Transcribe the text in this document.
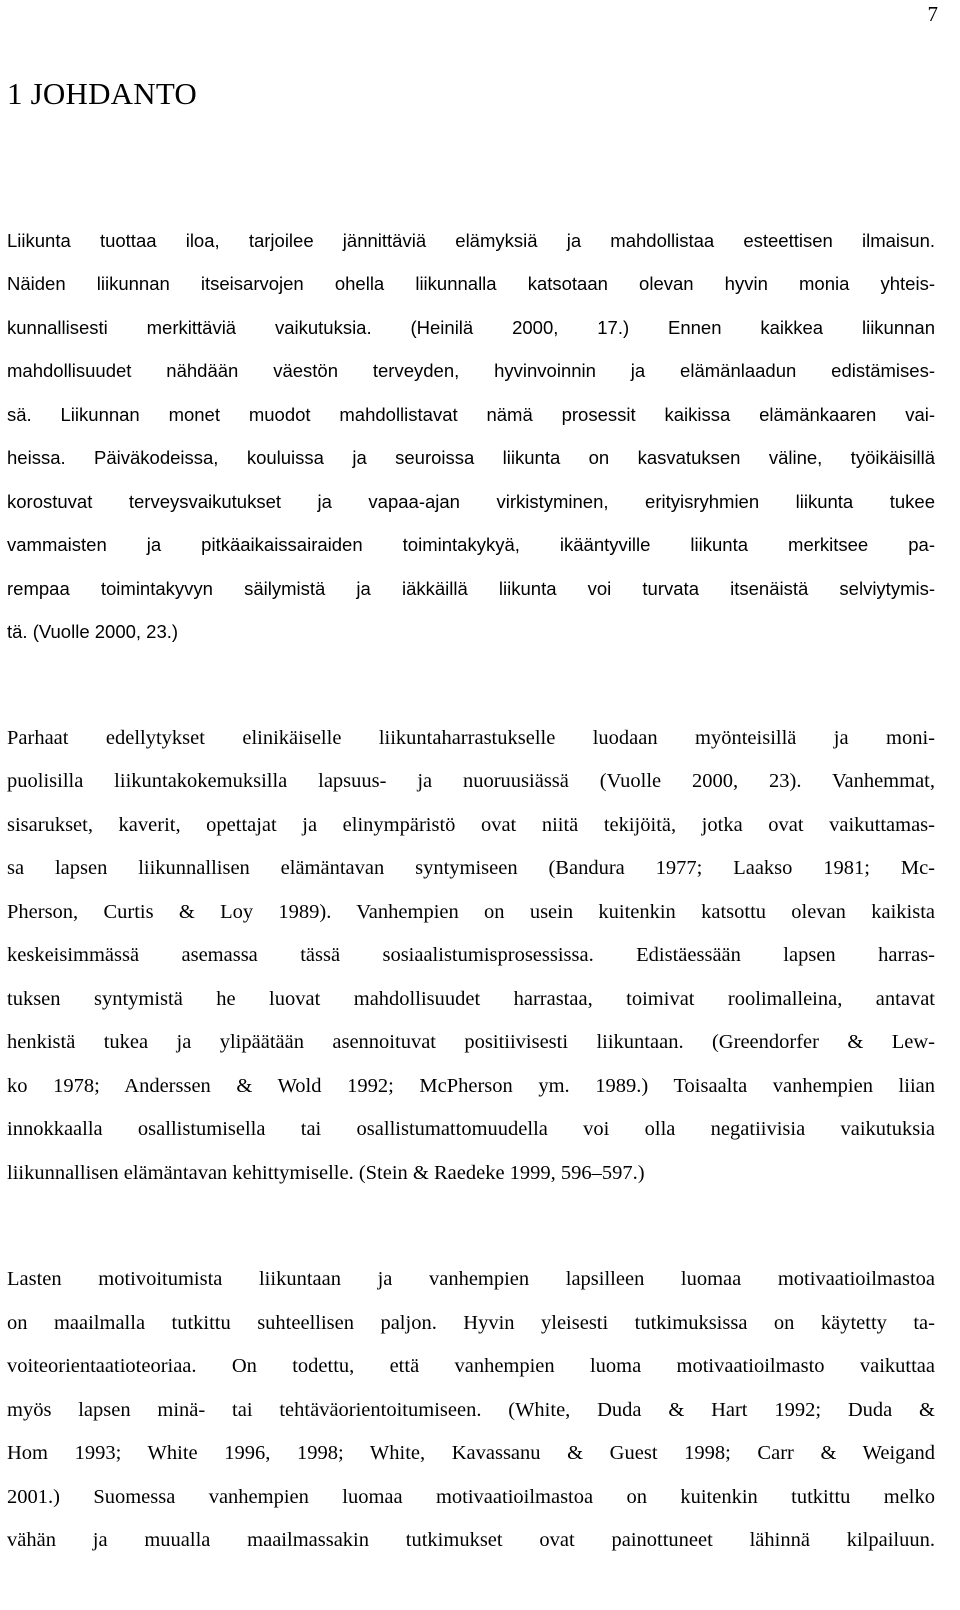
7
1 JOHDANTO
Liikunta tuottaa iloa, tarjoilee jännittäviä elämyksiä ja mahdollistaa esteettisen ilmaisun.
Näiden liikunnan itseisarvojen ohella liikunnalla katsotaan olevan hyvin monia yhteis-
kunnallisesti merkittäviä vaikutuksia. (Heinilä 2000, 17.) Ennen kaikkea liikunnan
mahdollisuudet nähdään väestön terveyden, hyvinvoinnin ja elämänlaadun edistämises-
sä. Liikunnan monet muodot mahdollistavat nämä prosessit kaikissa elämänkaaren vai-
heissa. Päiväkodeissa, kouluissa ja seuroissa liikunta on kasvatuksen väline, työikäisillä
korostuvat terveysvaikutukset ja vapaa-ajan virkistyminen, erityisryhmien liikunta tukee
vammaisten ja pitkäaikaissairaiden toimintakykyä, ikääntyville liikunta merkitsee pa-
rempaa toimintakyvyn säilymistä ja iäkkäillä liikunta voi turvata itsenäistä selviytymis-
tä. (Vuolle 2000, 23.)
Parhaat edellytykset elinikäiselle liikuntaharrastukselle luodaan myönteisillä ja moni-
puolisilla liikuntakokemuksilla lapsuus- ja nuoruusiässä (Vuolle 2000, 23). Vanhemmat,
sisarukset, kaverit, opettajat ja elinympäristö ovat niitä tekijöitä, jotka ovat vaikuttamas-
sa lapsen liikunnallisen elämäntavan syntymiseen (Bandura 1977; Laakso 1981; Mc-
Pherson, Curtis & Loy 1989). Vanhempien on usein kuitenkin katsottu olevan kaikista
keskeisimmässä asemassa tässä sosiaalistumisprosessissa. Edistäessään lapsen harras-
tuksen syntymistä he luovat mahdollisuudet harrastaa, toimivat roolimalleina, antavat
henkistä tukea ja ylipäätään asennoituvat positiivisesti liikuntaan. (Greendorfer & Lew-
ko 1978; Anderssen & Wold 1992; McPherson ym. 1989.) Toisaalta vanhempien liian
innokkaalla osallistumisella tai osallistumattomuudella voi olla negatiivisia vaikutuksia
liikunnallisen elämäntavan kehittymiselle. (Stein & Raedeke 1999, 596–597.)
Lasten motivoitumista liikuntaan ja vanhempien lapsilleen luomaa motivaatioilmastoa
on maailmalla tutkittu suhteellisen paljon. Hyvin yleisesti tutkimuksissa on käytetty ta-
voiteorientaatioteoriaa. On todettu, että vanhempien luoma motivaatioilmasto vaikuttaa
myös lapsen minä- tai tehtäväorientoitumiseen. (White, Duda & Hart 1992; Duda &
Hom 1993; White 1996, 1998; White, Kavassanu & Guest 1998; Carr & Weigand
2001.) Suomessa vanhempien luomaa motivaatioilmastoa on kuitenkin tutkittu melko
vähän ja muualla maailmassakin tutkimukset ovat painottuneet lähinnä kilpailuun.
